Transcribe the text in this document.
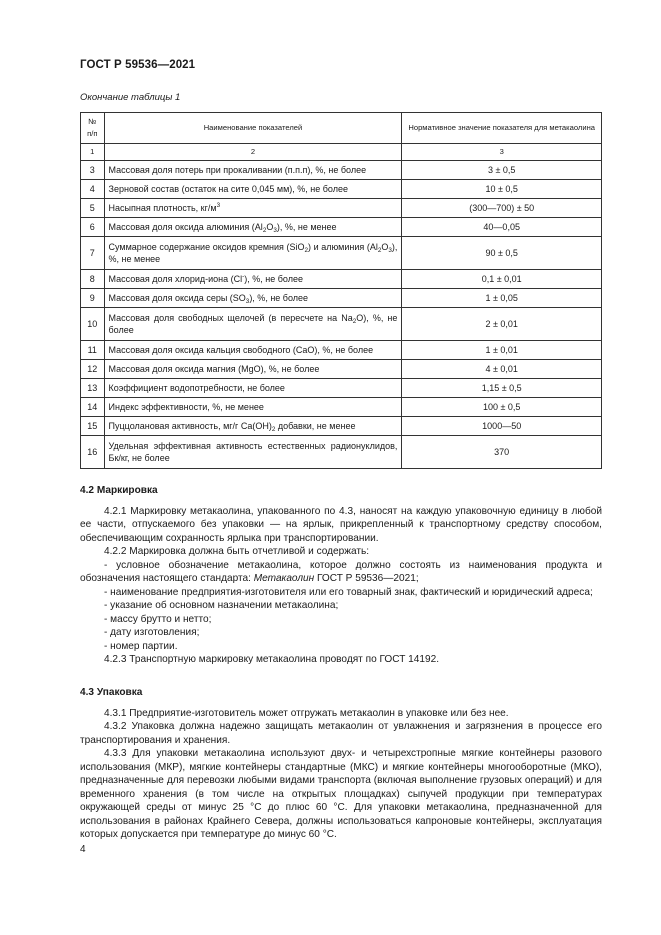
ГОСТ Р 59536—2021
Окончание таблицы 1
№ п/п	Наименование показателей	Нормативное значение показателя для метакаолина
1	2	3
3	Массовая доля потерь при прокаливании (п.п.п), %, не более	3 ± 0,5
4	Зерновой состав (остаток на сите 0,045 мм), %, не более	10 ± 0,5
5	Насыпная плотность, $кг/м^3$	(300—700) ± 50
6	Массовая доля оксида алюминия $(Al_2O_3)$, %, не менее	40—0,05
7	Суммарное содержание оксидов кремния (SiO$_2$) и алюминия $(Al_2O_3)$, %, не менее	90 ± 0,5
8	Массовая доля хлорид-иона (Cl-), %, не более	0,1 ± 0,01
9	Массовая доля оксида серы $(SO_3)$, %, не более	1 ± 0,05
10	Массовая доля свободных щелочей (в пересчете на $Na_2O$), %, не более	2 ± 0,01
11	Массовая доля оксида кальция свободного (CaO), %, не более	1 ± 0,01
12	Массовая доля оксида магния (MgO), %, не более	4 ± 0,01
13	Коэффициент водопотребности, не более	1,15 ± 0,5
14	Индекс эффективности, %, не менее	100 ± 0,5
15	Пуццолановая активность, мг/г $Ca(OH)_2$ добавки, не менее	1000—50
16	Удельная эффективная активность естественных радионуклидов, Бк/кг, не более	370

4.2 Маркировка

4.2.1 Маркировку метакаолина, упакованного по 4.3, наносят на каждую упаковочную единицу в любой ее части, отпускаемого без упаковки — на ярлык, прикрепленный к транспортному средству способом, обеспечивающим сохранность ярлыка при транспортировании.

4.2.2 Маркировка должна быть отчетливой и содержать:

- условное обозначение метакаолина, которое должно состоять из наименования продукта и обозначения настоящего стандарта: Метакаолин ГОСТ Р 59536—2021;

- наименование предприятия-изготовителя или его товарный знак, фактический и юридический адреса;

- указание об основном назначении метакаолина;

- массу брутто и нетто;

- дату изготовления;

- номер партии.

4.2.3 Транспортную маркировку метакаолина проводят по ГОСТ 14192.

4.3 Упаковка

4.3.1 Предприятие-изготовитель может отгружать метакаолин в упаковке или без нее.

4.3.2 Упаковка должна надежно защищать метакаолин от увлажнения и загрязнения в процессе его транспортирования и хранения.

4.3.3 Для упаковки метакаолина используют двух- и четырехстропные мягкие контейнеры разового использования (МКР), мягкие контейнеры стандартные (МКС) и мягкие контейнеры многооборотные (МКО), предназначенные для перевозки любыми видами транспорта (включая выполнение грузовых операций) и для временного хранения (в том числе на открытых площадках) сыпучей продукции при температурах окружающей среды от минус 25 °С до плюс 60 °С. Для упаковки метакаолина, предназначенной для использования в районах Крайнего Севера, должны использоваться капроновые контейнеры, эксплуатация которых допускается при температуре до минус 60 °С.

4
